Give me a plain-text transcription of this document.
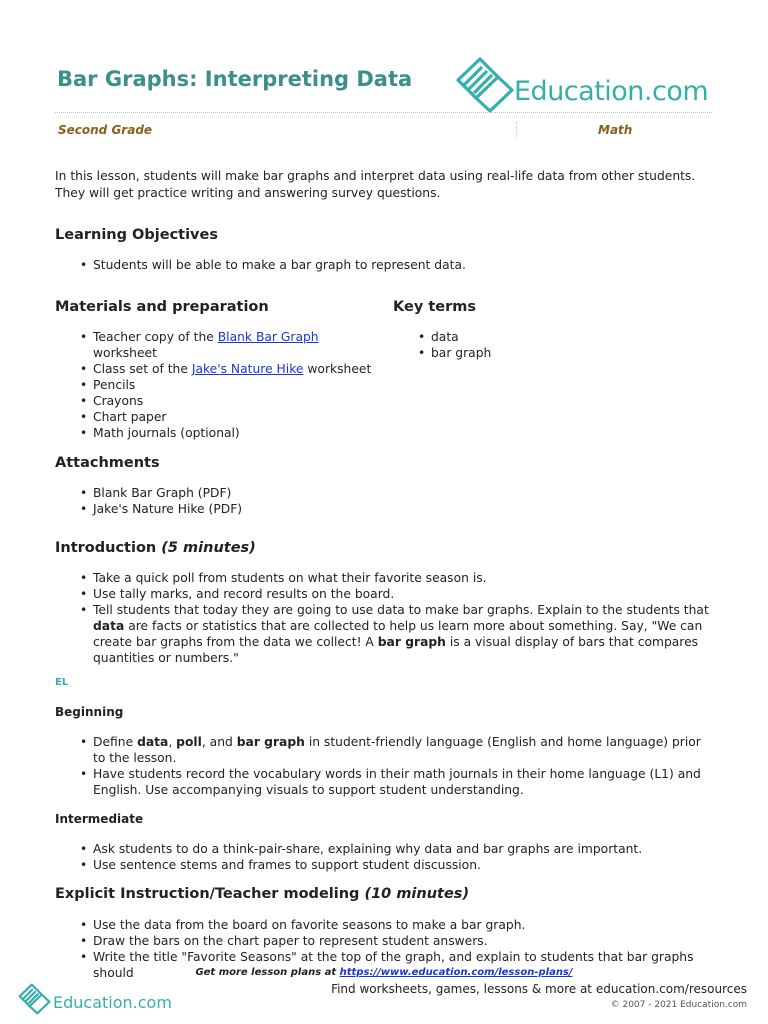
Bar Graphs: Interpreting Data	Education.com
Second Grade	Math
In this lesson, students will make bar graphs and interpret data using real-life data from other students. They will get practice writing and answering survey questions.
Learning Objectives
• Students will be able to make a bar graph to represent data.
Materials and preparation
• Teacher copy of the Blank Bar Graph worksheet
• Class set of the Jake's Nature Hike worksheet
• Pencils
• Crayons
• Chart paper
• Math journals (optional)
Key terms
• data
• bar graph
Attachments
• Blank Bar Graph (PDF)
• Jake's Nature Hike (PDF)
Introduction (5 minutes)
• Take a quick poll from students on what their favorite season is.
• Use tally marks, and record results on the board.
• Tell students that today they are going to use data to make bar graphs. Explain to the students that data are facts or statistics that are collected to help us learn more about something. Say, "We can create bar graphs from the data we collect! A bar graph is a visual display of bars that compares quantities or numbers."
EL
Beginning
• Define data, poll, and bar graph in student-friendly language (English and home language) prior to the lesson.
• Have students record the vocabulary words in their math journals in their home language (L1) and English. Use accompanying visuals to support student understanding.
Intermediate
• Ask students to do a think-pair-share, explaining why data and bar graphs are important.
• Use sentence stems and frames to support student discussion.
Explicit Instruction/Teacher modeling (10 minutes)
• Use the data from the board on favorite seasons to make a bar graph.
• Draw the bars on the chart paper to represent student answers.
• Write the title "Favorite Seasons" at the top of the graph, and explain to students that bar graphs should	Get more lesson plans at https://www.education.com/lesson-plans/
Education.com
Find worksheets, games, lessons & more at education.com/resources
© 2007 - 2021 Education.com
